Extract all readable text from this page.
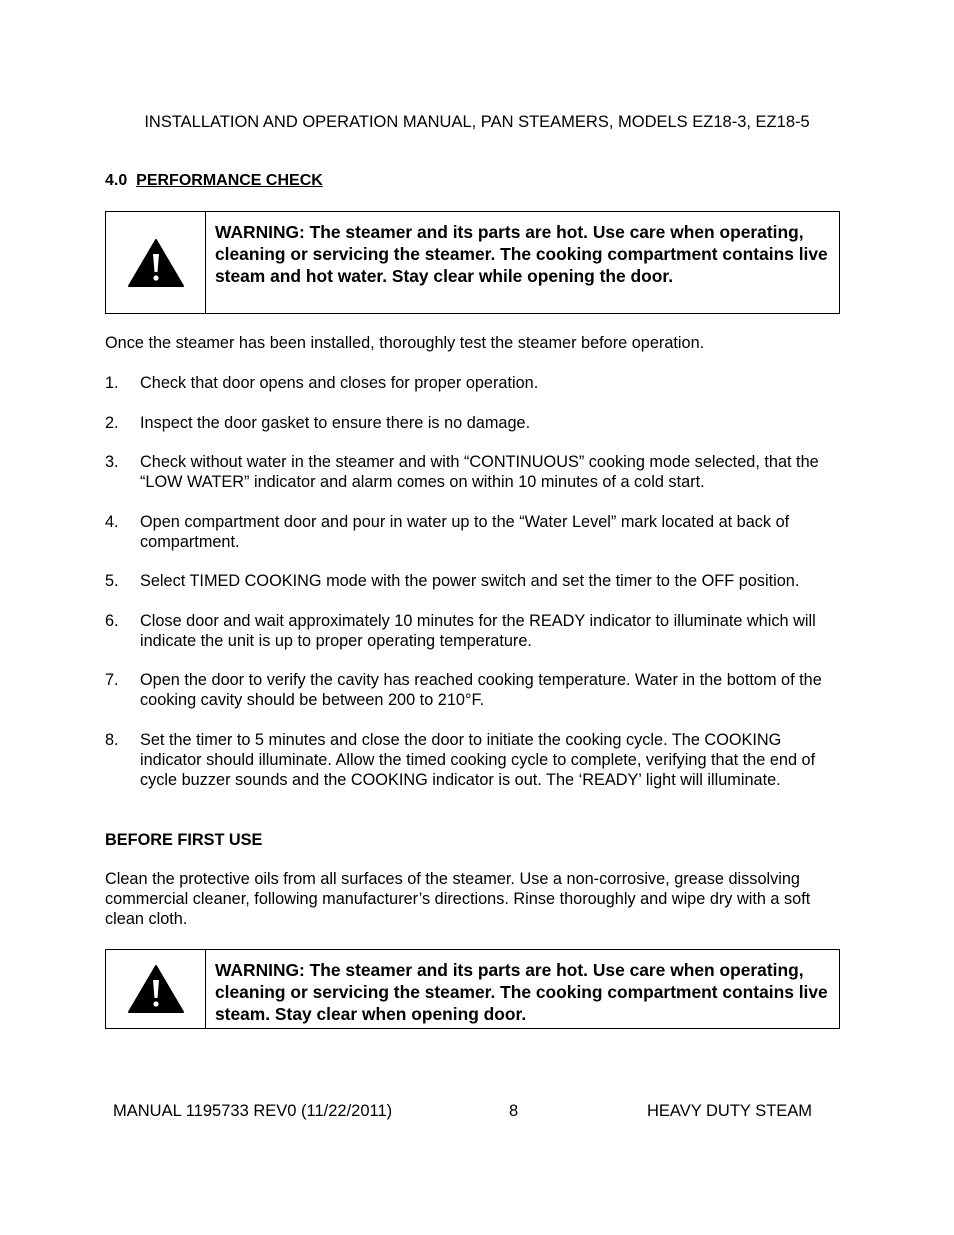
INSTALLATION AND OPERATION MANUAL, PAN STEAMERS, MODELS EZ18-3, EZ18-5
4.0 PERFORMANCE CHECK
WARNING: The steamer and its parts are hot. Use care when operating, cleaning or servicing the steamer. The cooking compartment contains live steam and hot water. Stay clear while opening the door.
Once the steamer has been installed, thoroughly test the steamer before operation.
1.	Check that door opens and closes for proper operation.
2.	Inspect the door gasket to ensure there is no damage.
3.	Check without water in the steamer and with “CONTINUOUS” cooking mode selected, that the “LOW WATER” indicator and alarm comes on within 10 minutes of a cold start.
4.	Open compartment door and pour in water up to the “Water Level” mark located at back of compartment.
5.	Select TIMED COOKING mode with the power switch and set the timer to the OFF position.
6.	Close door and wait approximately 10 minutes for the READY indicator to illuminate which will indicate the unit is up to proper operating temperature.
7.	Open the door to verify the cavity has reached cooking temperature. Water in the bottom of the cooking cavity should be between 200 to 210°F.
8.	Set the timer to 5 minutes and close the door to initiate the cooking cycle. The COOKING indicator should illuminate. Allow the timed cooking cycle to complete, verifying that the end of cycle buzzer sounds and the COOKING indicator is out. The ‘READY’ light will illuminate.
BEFORE FIRST USE
Clean the protective oils from all surfaces of the steamer. Use a non-corrosive, grease dissolving commercial cleaner, following manufacturer’s directions. Rinse thoroughly and wipe dry with a soft clean cloth.
WARNING: The steamer and its parts are hot. Use care when operating, cleaning or servicing the steamer. The cooking compartment contains live steam. Stay clear when opening door.
MANUAL 1195733 REV0 (11/22/2011)	8	HEAVY DUTY STEAM
